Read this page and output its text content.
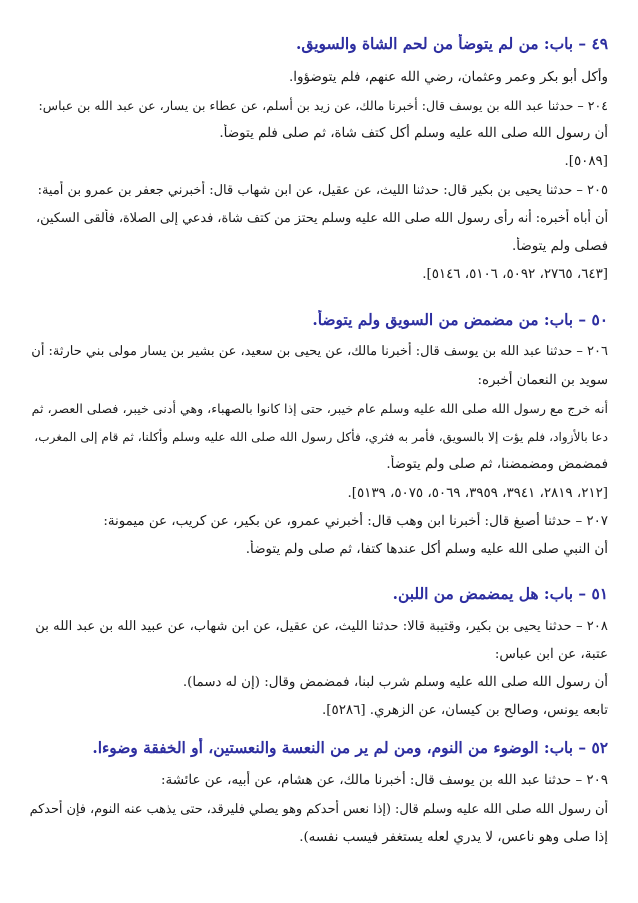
٤٩ – باب: من لم يتوضأ من لحم الشاة والسويق.
وأكل أبو بكر وعمر وعثمان، رضي الله عنهم، فلم يتوضؤوا.
٢٠٤ – حدثنا عبد الله بن يوسف قال: أخبرنا مالك، عن زيد بن أسلم، عن عطاء بن يسار، عن عبد الله بن عباس:
أن رسول الله صلى الله عليه وسلم أكل كتف شاة، ثم صلى فلم يتوضأ.
[٥٠٨٩].
٢٠٥ – حدثنا يحيى بن بكير قال: حدثنا الليث، عن عقيل، عن ابن شهاب قال: أخبرني جعفر بن عمرو بن أمية:
أن أباه أخبره: أنه رأى رسول الله صلى الله عليه وسلم يحتز من كتف شاة، فدعي إلى الصلاة، فألقى السكين،
فصلى ولم يتوضأ.
[٦٤٣، ٢٧٦٥، ٥٠٩٢، ٥١٠٦، ٥١٤٦].
٥٠ – باب: من مضمض من السويق ولم يتوضأ.
٢٠٦ – حدثنا عبد الله بن يوسف قال: أخبرنا مالك، عن يحيى بن سعيد، عن بشير بن يسار مولى بني حارثة: أن
سويد بن النعمان أخبره:
أنه خرج مع رسول الله صلى الله عليه وسلم عام خيبر، حتى إذا كانوا بالصهباء، وهي أدنى خيبر، فصلى العصر، ثم
دعا بالأزواد، فلم يؤت إلا بالسويق، فأمر به فثري، فأكل رسول الله صلى الله عليه وسلم وأكلنا، ثم قام إلى المغرب،
فمضمض ومضمضنا، ثم صلى ولم يتوضأ.
[٢١٢، ٢٨١٩، ٣٩٤١، ٣٩٥٩، ٥٠٦٩، ٥٠٧٥، ٥١٣٩].
٢٠٧ – حدثنا أصبغ قال: أخبرنا ابن وهب قال: أخبرني عمرو، عن بكير، عن كريب، عن ميمونة:
أن النبي صلى الله عليه وسلم أكل عندها كتفا، ثم صلى ولم يتوضأ.
٥١ – باب: هل يمضمض من اللبن.
٢٠٨ – حدثنا يحيى بن بكير، وقتيبة قالا: حدثنا الليث، عن عقيل، عن ابن شهاب، عن عبيد الله بن عبد الله بن
عتبة، عن ابن عباس:
أن رسول الله صلى الله عليه وسلم شرب لبنا، فمضمض وقال: (إن له دسما).
تابعه يونس، وصالح بن كيسان، عن الزهري. [٥٢٨٦].
٥٢ – باب: الوضوء من النوم، ومن لم ير من النعسة والنعستين، أو الخفقة وضوءا.
٢٠٩ – حدثنا عبد الله بن يوسف قال: أخبرنا مالك، عن هشام، عن أبيه، عن عائشة:
أن رسول الله صلى الله عليه وسلم قال: (إذا نعس أحدكم وهو يصلي فليرقد، حتى يذهب عنه النوم، فإن أحدكم
إذا صلى وهو ناعس، لا يدري لعله يستغفر فيسب نفسه).
